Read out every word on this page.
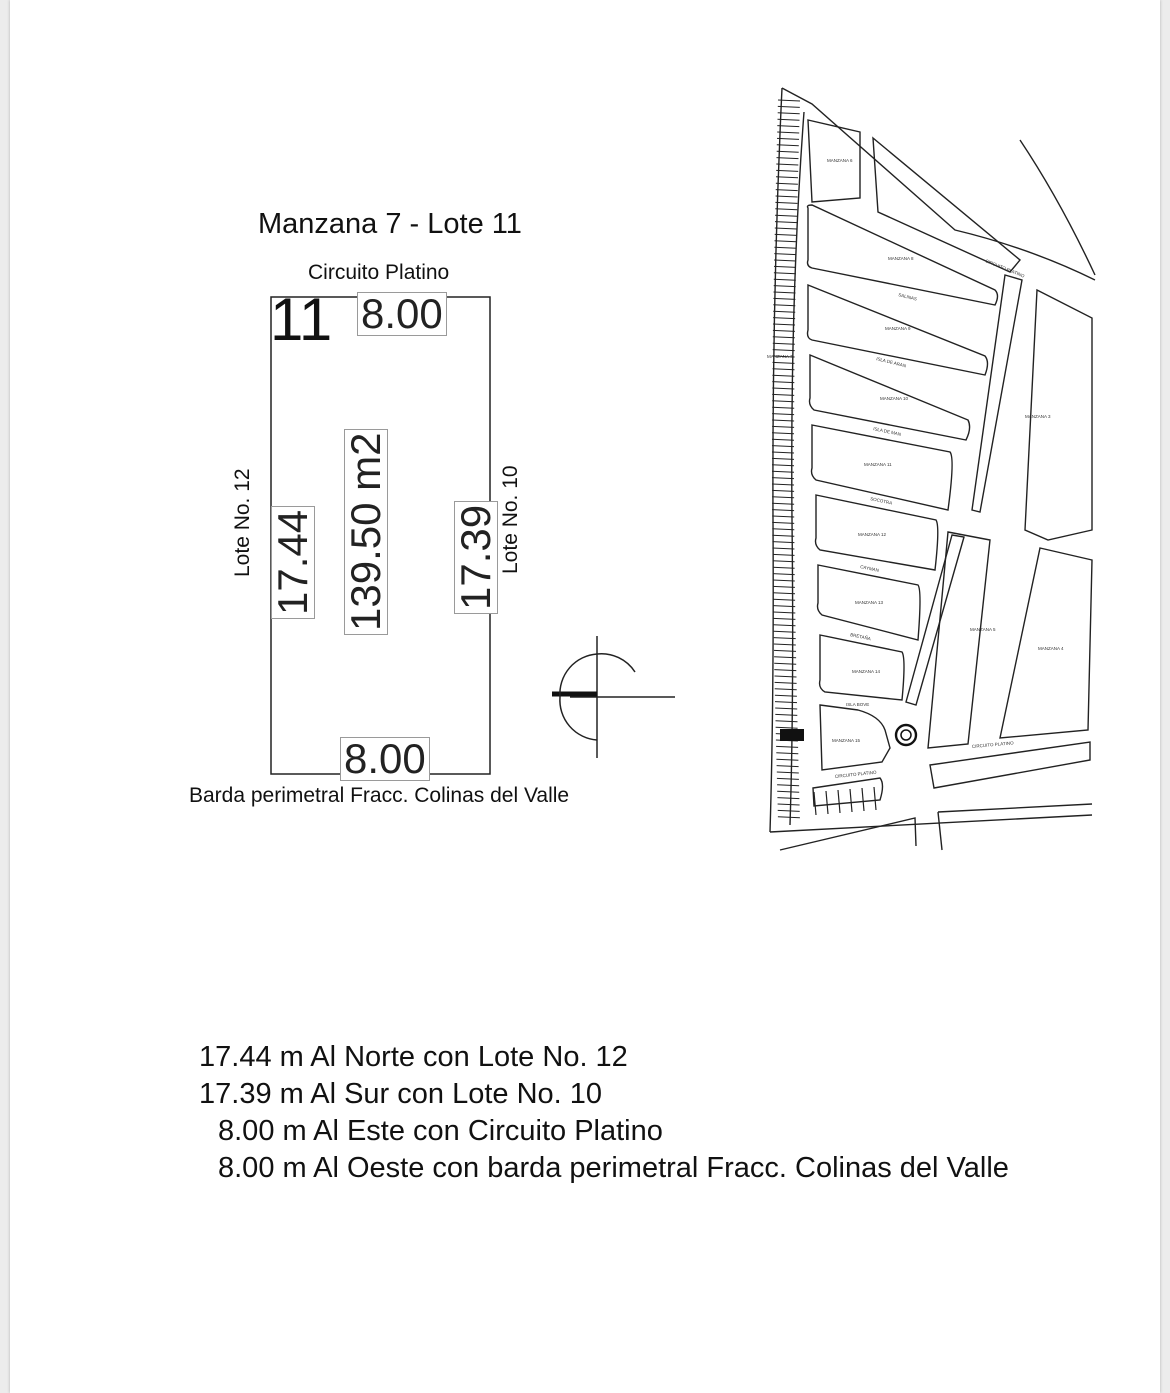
Manzana 7 - Lote 11
Circuito Platino
11 8.00
8.00
17.44 139.50 m2 17.39
Lote No. 12	Lote No. 10
Barda perimetral Fracc. Colinas del Valle
MANZANA 6
MANZANA 8
MANZANA 9
MANZANA 10
MANZANA 11
MANZANA 12
MANZANA 13
MANZANA 14
MANZANA 15
MANZANA 5
MANZANA 4
MANZANA 3
MANZANA 7
CIRCUITO PLATINO
SALINAS
ISLA DE ARAN
ISLA DE MAN
SOCOTRA
CAYMAN
BRETAÑA
ISLA BOVE
CIRCUITO PLATINO
CIRCUITO PLATINO
17.44 m Al Norte con Lote No. 12
17.39 m Al Sur con Lote No. 10
8.00 m Al Este con Circuito Platino
8.00 m Al Oeste con barda perimetral Fracc. Colinas del Valle
